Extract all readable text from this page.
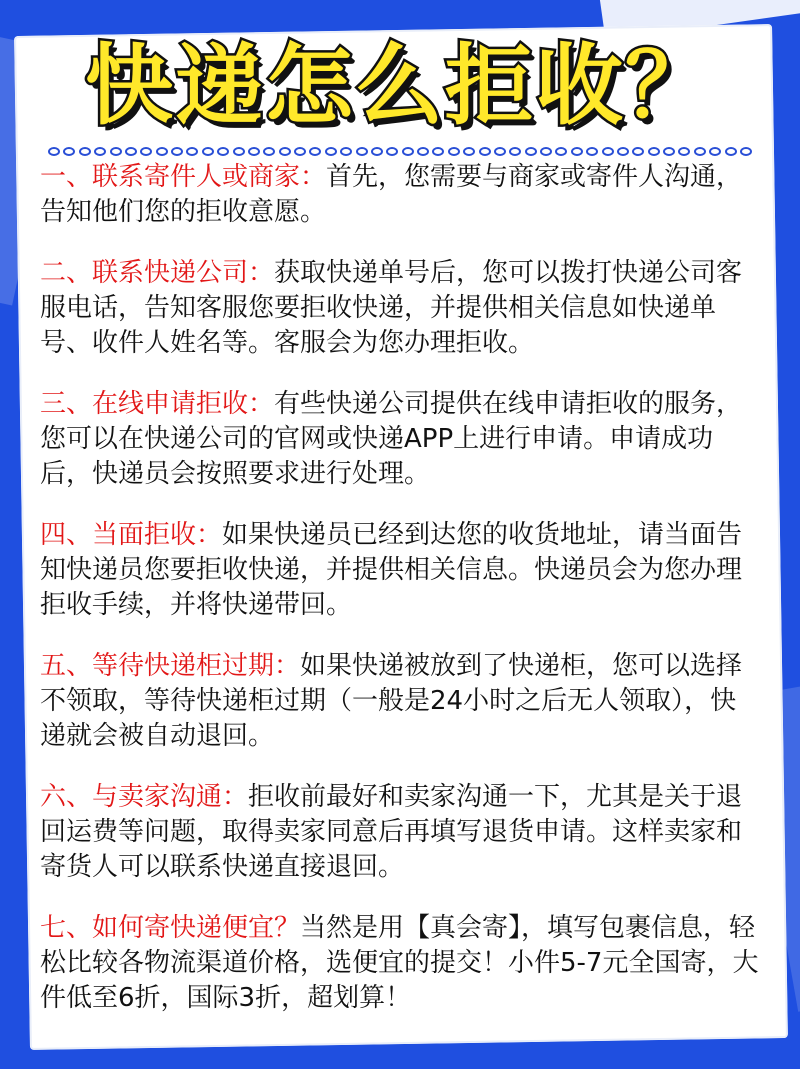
快递怎么拒收？

一、联系寄件人或商家：首先，您需要与商家或寄件人沟通，告知他们您的拒收意愿。

二、联系快递公司：获取快递单号后，您可以拨打快递公司客服电话，告知客服您要拒收快递，并提供相关信息如快递单号、收件人姓名等。客服会为您办理拒收。

三、在线申请拒收：有些快递公司提供在线申请拒收的服务，您可以在快递公司的官网或快递APP上进行申请。申请成功后，快递员会按照要求进行处理。

四、当面拒收：如果快递员已经到达您的收货地址，请当面告知快递员您要拒收快递，并提供相关信息。快递员会为您办理拒收手续，并将快递带回。

五、等待快递柜过期：如果快递被放到了快递柜，您可以选择不领取，等待快递柜过期（一般是24小时之后无人领取），快递就会被自动退回。

六、与卖家沟通：拒收前最好和卖家沟通一下，尤其是关于退回运费等问题，取得卖家同意后再填写退货申请。这样卖家和寄货人可以联系快递直接退回。

七、如何寄快递便宜？当然是用【真会寄】，填写包裹信息，轻松比较各物流渠道价格，选便宜的提交！小件5-7元全国寄，大件低至6折，国际3折，超划算！
